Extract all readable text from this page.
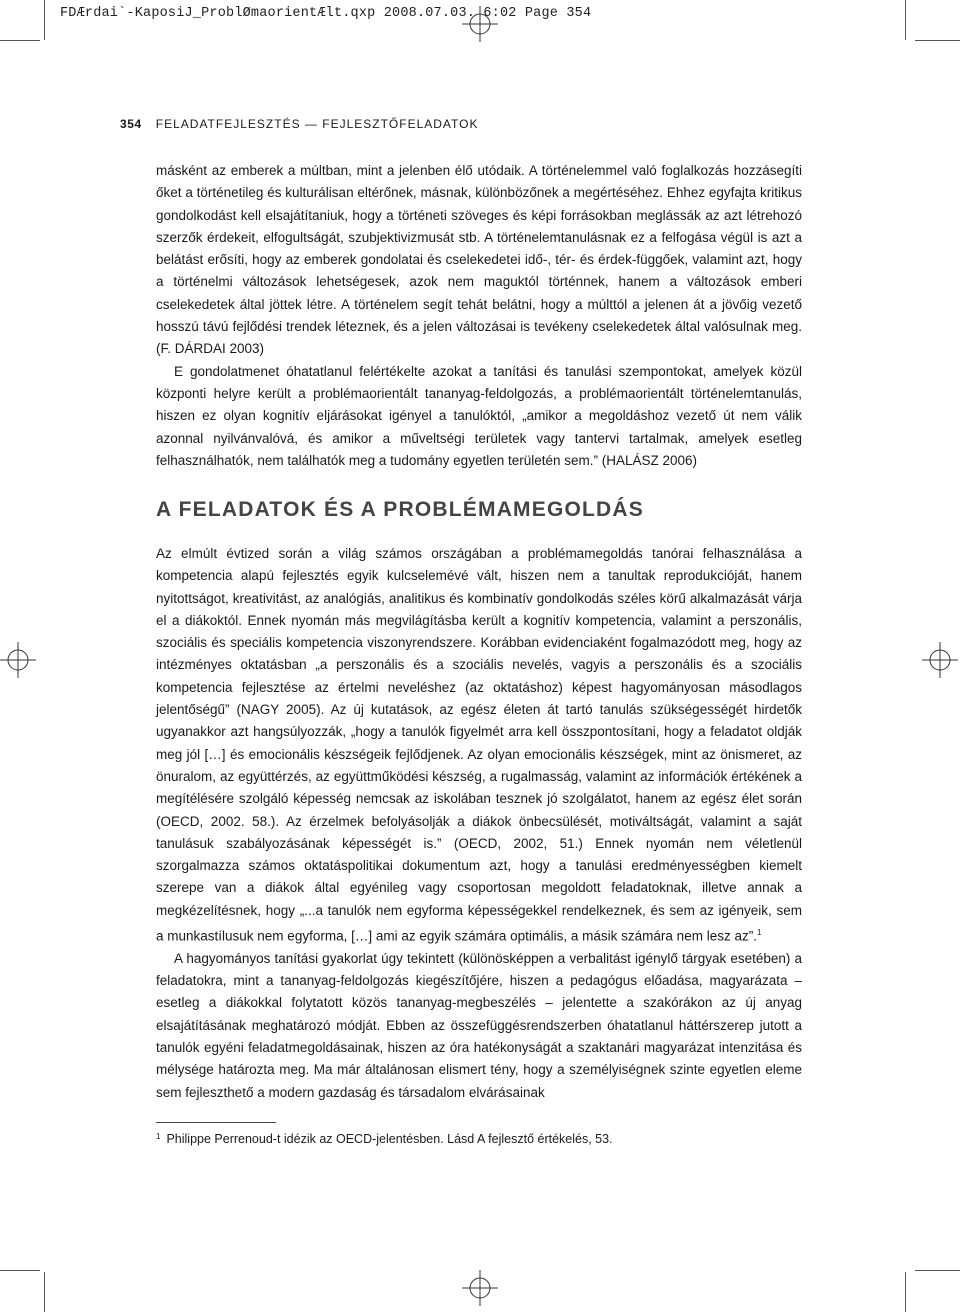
FDÆrdai`-KaposiJ_ProblØmaorientÆlt.qxp 2008.07.03. 6:02 Page 354
354 FELADATFEJLESZTÉS — FEJLESZTŐFELADATOK

másként az emberek a múltban, mint a jelenben élő utódaik. A történelemmel való foglalkozás hozzásegíti őket a történetileg és kulturálisan eltérőnek, másnak, különbözőnek a megértéséhez. Ehhez egyfajta kritikus gondolkodást kell elsajátítaniuk, hogy a történeti szöveges és képi forrásokban meglássák az azt létrehozó szerzők érdekeit, elfogultságát, szubjektivizmusát stb. A történelemtanulásnak ez a felfogása végül is azt a belátást erősíti, hogy az emberek gondolatai és cselekedetei idő-, tér- és érdek-függőek, valamint azt, hogy a történelmi változások lehetségesek, azok nem maguktól történnek, hanem a változások emberi cselekedetek által jöttek létre. A történelem segít tehát belátni, hogy a múlttól a jelenen át a jövőig vezető hosszú távú fejlődési trendek léteznek, és a jelen változásai is tevékeny cselekedetek által valósulnak meg. (F. DÁRDAI 2003)

E gondolatmenet óhatatlanul felértékelte azokat a tanítási és tanulási szempontokat, amelyek közül központi helyre került a problémaorientált tananyag-feldolgozás, a problémaorientált történelemtanulás, hiszen ez olyan kognitív eljárásokat igényel a tanulóktól, „amikor a megoldáshoz vezető út nem válik azonnal nyilvánvalóvá, és amikor a műveltségi területek vagy tantervi tartalmak, amelyek esetleg felhasználhatók, nem találhatók meg a tudomány egyetlen területén sem.” (HALÁSZ 2006)

A FELADATOK ÉS A PROBLÉMAMEGOLDÁS

Az elmúlt évtized során a világ számos országában a problémamegoldás tanórai felhasználása a kompetencia alapú fejlesztés egyik kulcselemévé vált, hiszen nem a tanultak reprodukcióját, hanem nyitottságot, kreativitást, az analógiás, analitikus és kombinatív gondolkodás széles körű alkalmazását várja el a diákoktól. Ennek nyomán más megvilágításba került a kognitív kompetencia, valamint a perszonális, szociális és speciális kompetencia viszonyrendszere. Korábban evidenciaként fogalmazódott meg, hogy az intézményes oktatásban „a perszonális és a szociális nevelés, vagyis a perszonális és a szociális kompetencia fejlesztése az értelmi neveléshez (az oktatáshoz) képest hagyományosan másodlagos jelentőségű” (NAGY 2005). Az új kutatások, az egész életen át tartó tanulás szükségességét hirdetők ugyanakkor azt hangsúlyozzák, „hogy a tanulók figyelmét arra kell összpontosítani, hogy a feladatot oldják meg jól […] és emocionális készségeik fejlődjenek. Az olyan emocionális készségek, mint az önismeret, az önuralom, az együttérzés, az együttműködési készség, a rugalmasság, valamint az információk értékének a megítélésére szolgáló képesség nemcsak az iskolában tesznek jó szolgálatot, hanem az egész élet során (OECD, 2002. 58.). Az érzelmek befolyásolják a diákok önbecsülését, motiváltságát, valamint a saját tanulásuk szabályozásának képességét is.” (OECD, 2002, 51.) Ennek nyomán nem véletlenül szorgalmazza számos oktatáspolitikai dokumentum azt, hogy a tanulási eredményességben kiemelt szerepe van a diákok által egyénileg vagy csoportosan megoldott feladatoknak, illetve annak a megkézelítésnek, hogy „...a tanulók nem egyforma képességekkel rendelkeznek, és sem az igényeik, sem a munkastílusuk nem egyforma, […] ami az egyik számára optimális, a másik számára nem lesz az”.$^1$

A hagyományos tanítási gyakorlat úgy tekintett (különösképpen a verbalitást igénylő tárgyak esetében) a feladatokra, mint a tananyag-feldolgozás kiegészítőjére, hiszen a pedagógus előadása, magyarázata – esetleg a diákokkal folytatott közös tananyag-megbeszélés – jelentette a szakórákon az új anyag elsajátításának meghatározó módját. Ebben az összefüggésrendszerben óhatatlanul háttérszerep jutott a tanulók egyéni feladatmegoldásainak, hiszen az óra hatékonyságát a szaktanári magyarázat intenzitása és mélysége határozta meg. Ma már általánosan elismert tény, hogy a személyiségnek szinte egyetlen eleme sem fejleszthető a modern gazdaság és társadalom elvárásainak

$^1$ Philippe Perrenoud-t idézik az OECD-jelentésben. Lásd A fejlesztő értékelés, 53.
